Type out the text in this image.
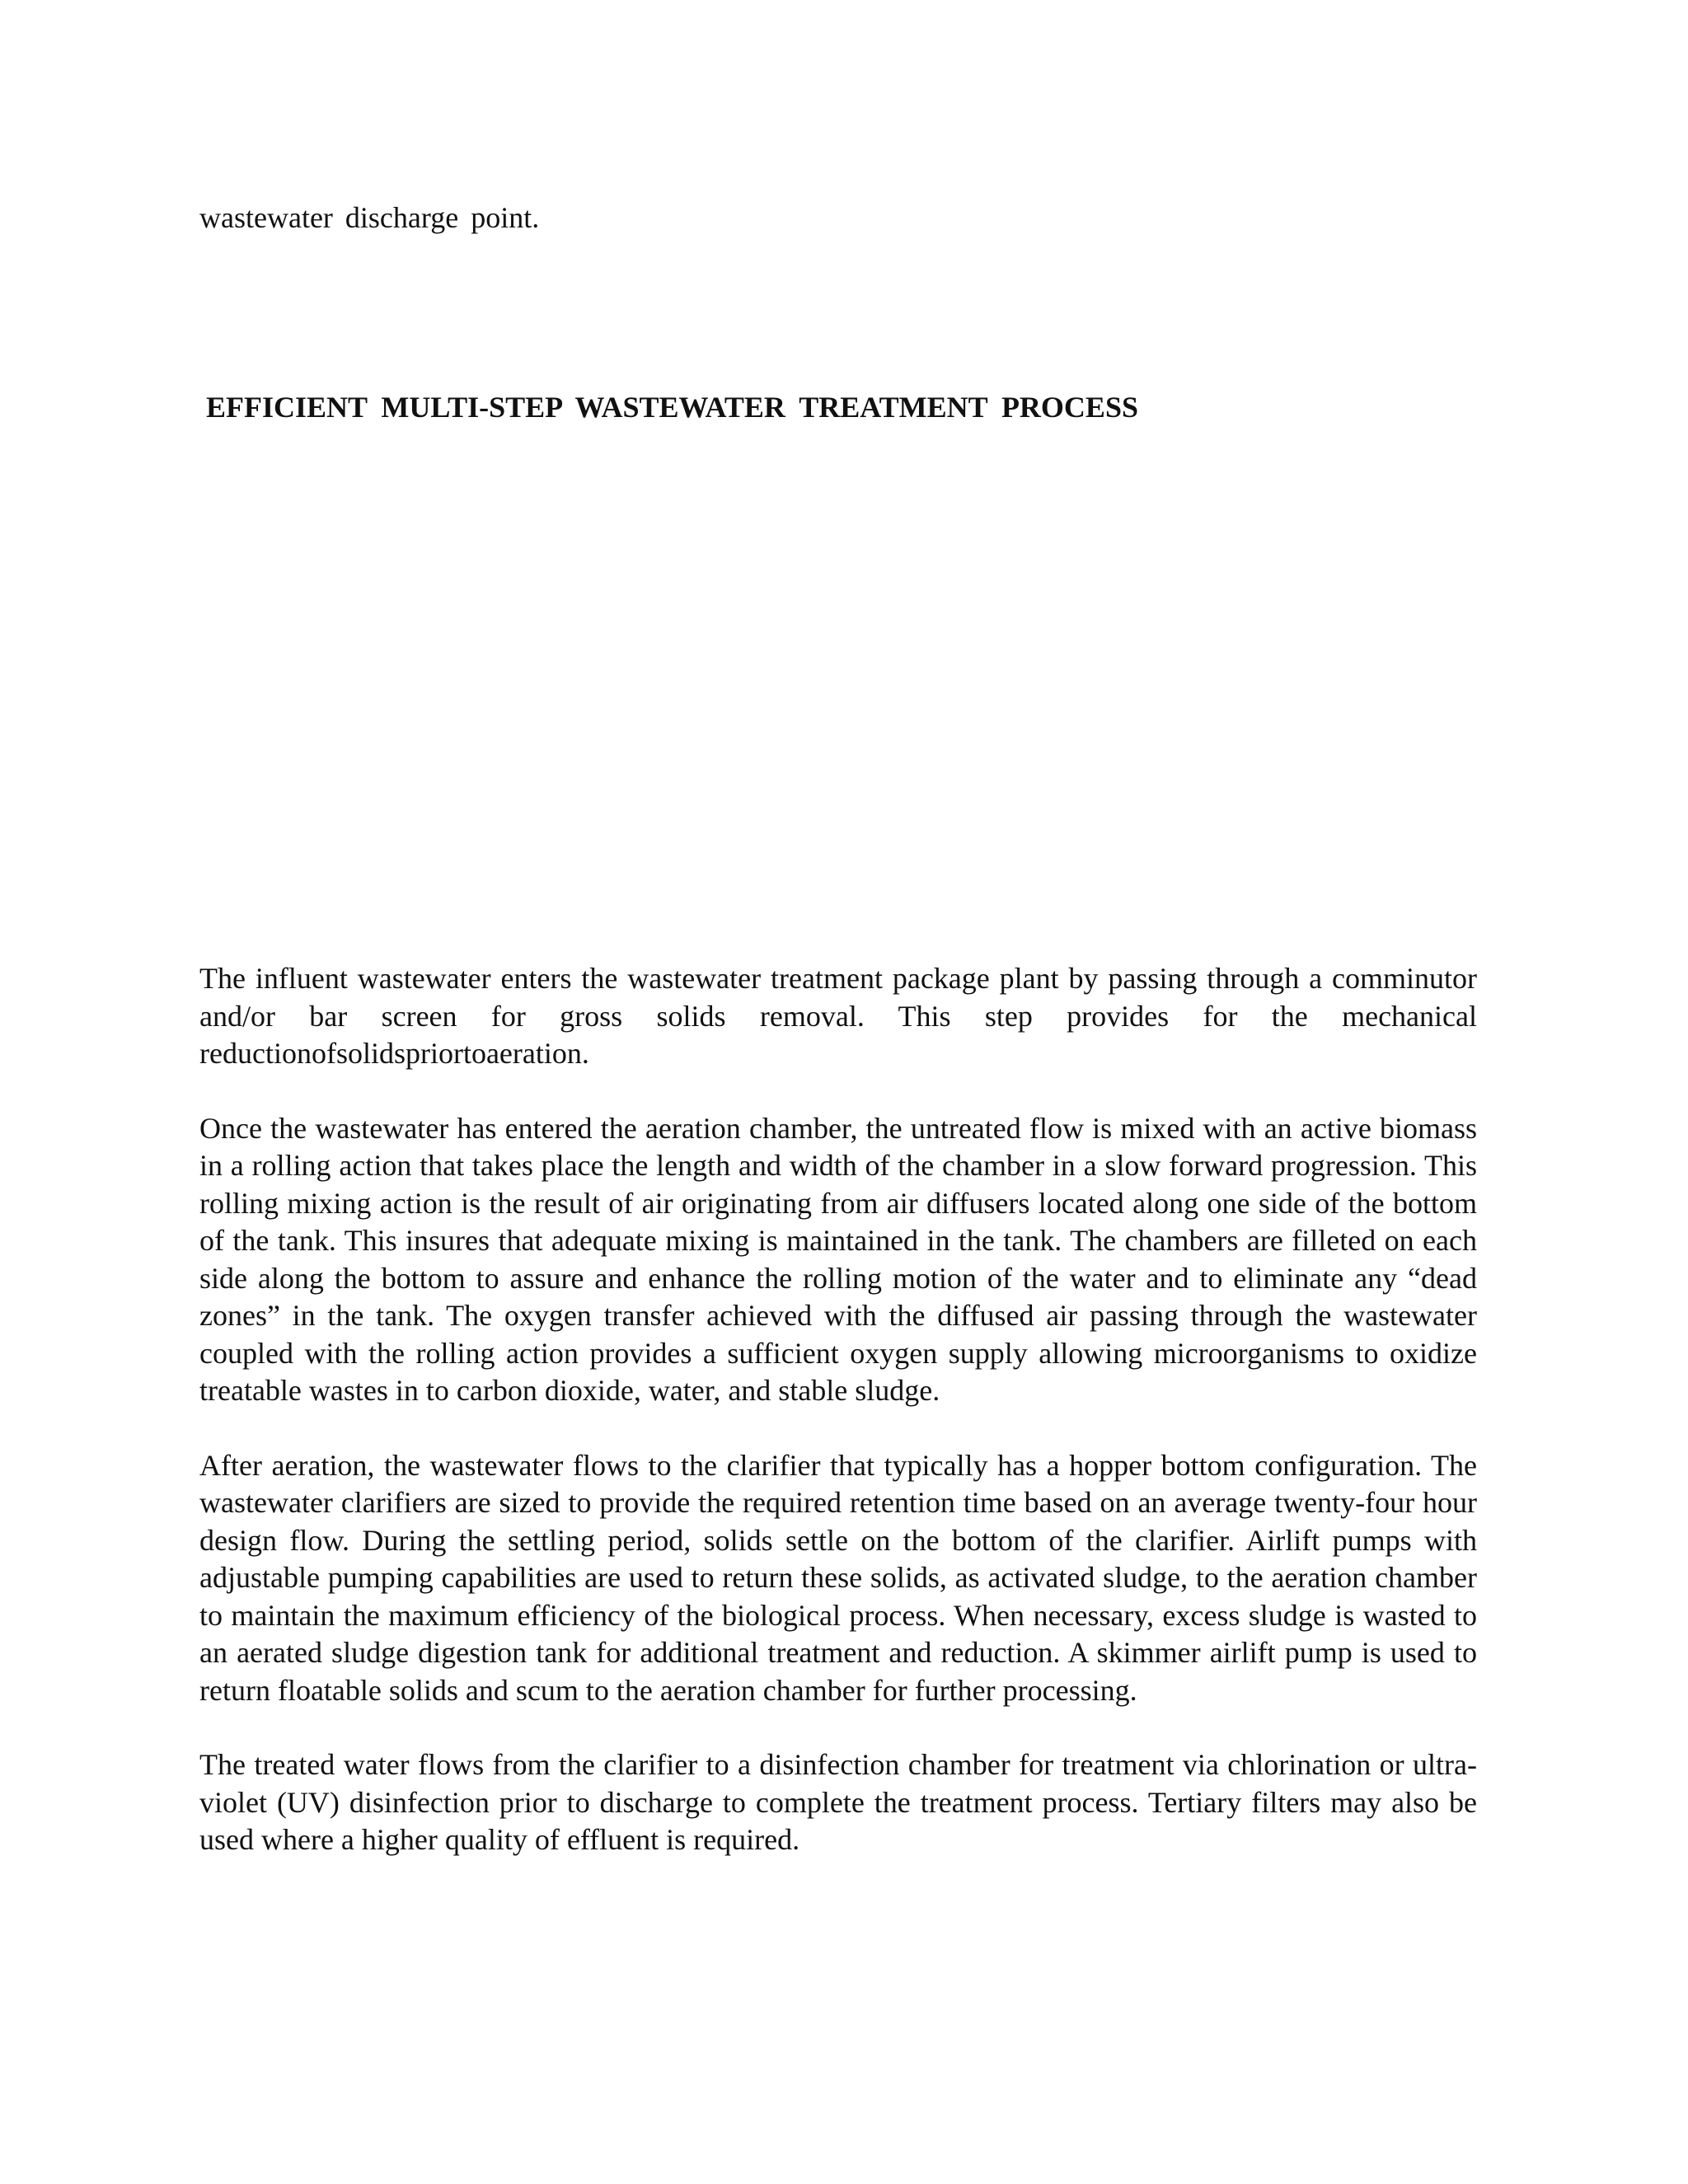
wastewater discharge point.

EFFICIENT MULTI-STEP WASTEWATER TREATMENT PROCESS

The influent wastewater enters the wastewater treatment package plant by passing through a comminutor and/or bar screen for gross solids removal. This step provides for the mechanical reductionofsolidspriortoaeration.

Once the wastewater has entered the aeration chamber, the untreated flow is mixed with an active biomass in a rolling action that takes place the length and width of the chamber in a slow forward progression. This rolling mixing action is the result of air originating from air diffusers located along one side of the bottom of the tank. This insures that adequate mixing is maintained in the tank. The chambers are filleted on each side along the bottom to assure and enhance the rolling motion of the water and to eliminate any “dead zones” in the tank. The oxygen transfer achieved with the diffused air passing through the wastewater coupled with the rolling action provides a sufficient oxygen supply allowing microorganisms to oxidize treatable wastes in to carbon dioxide, water, and stable sludge.

After aeration, the wastewater flows to the clarifier that typically has a hopper bottom configuration. The wastewater clarifiers are sized to provide the required retention time based on an average twenty-four hour design flow. During the settling period, solids settle on the bottom of the clarifier. Airlift pumps with adjustable pumping capabilities are used to return these solids, as activated sludge, to the aeration chamber to maintain the maximum efficiency of the biological process. When necessary, excess sludge is wasted to an aerated sludge digestion tank for additional treatment and reduction. A skimmer airlift pump is used to return floatable solids and scum to the aeration chamber for further processing.

The treated water flows from the clarifier to a disinfection chamber for treatment via chlorination or ultra-violet (UV) disinfection prior to discharge to complete the treatment process. Tertiary filters may also be used where a higher quality of effluent is required.
